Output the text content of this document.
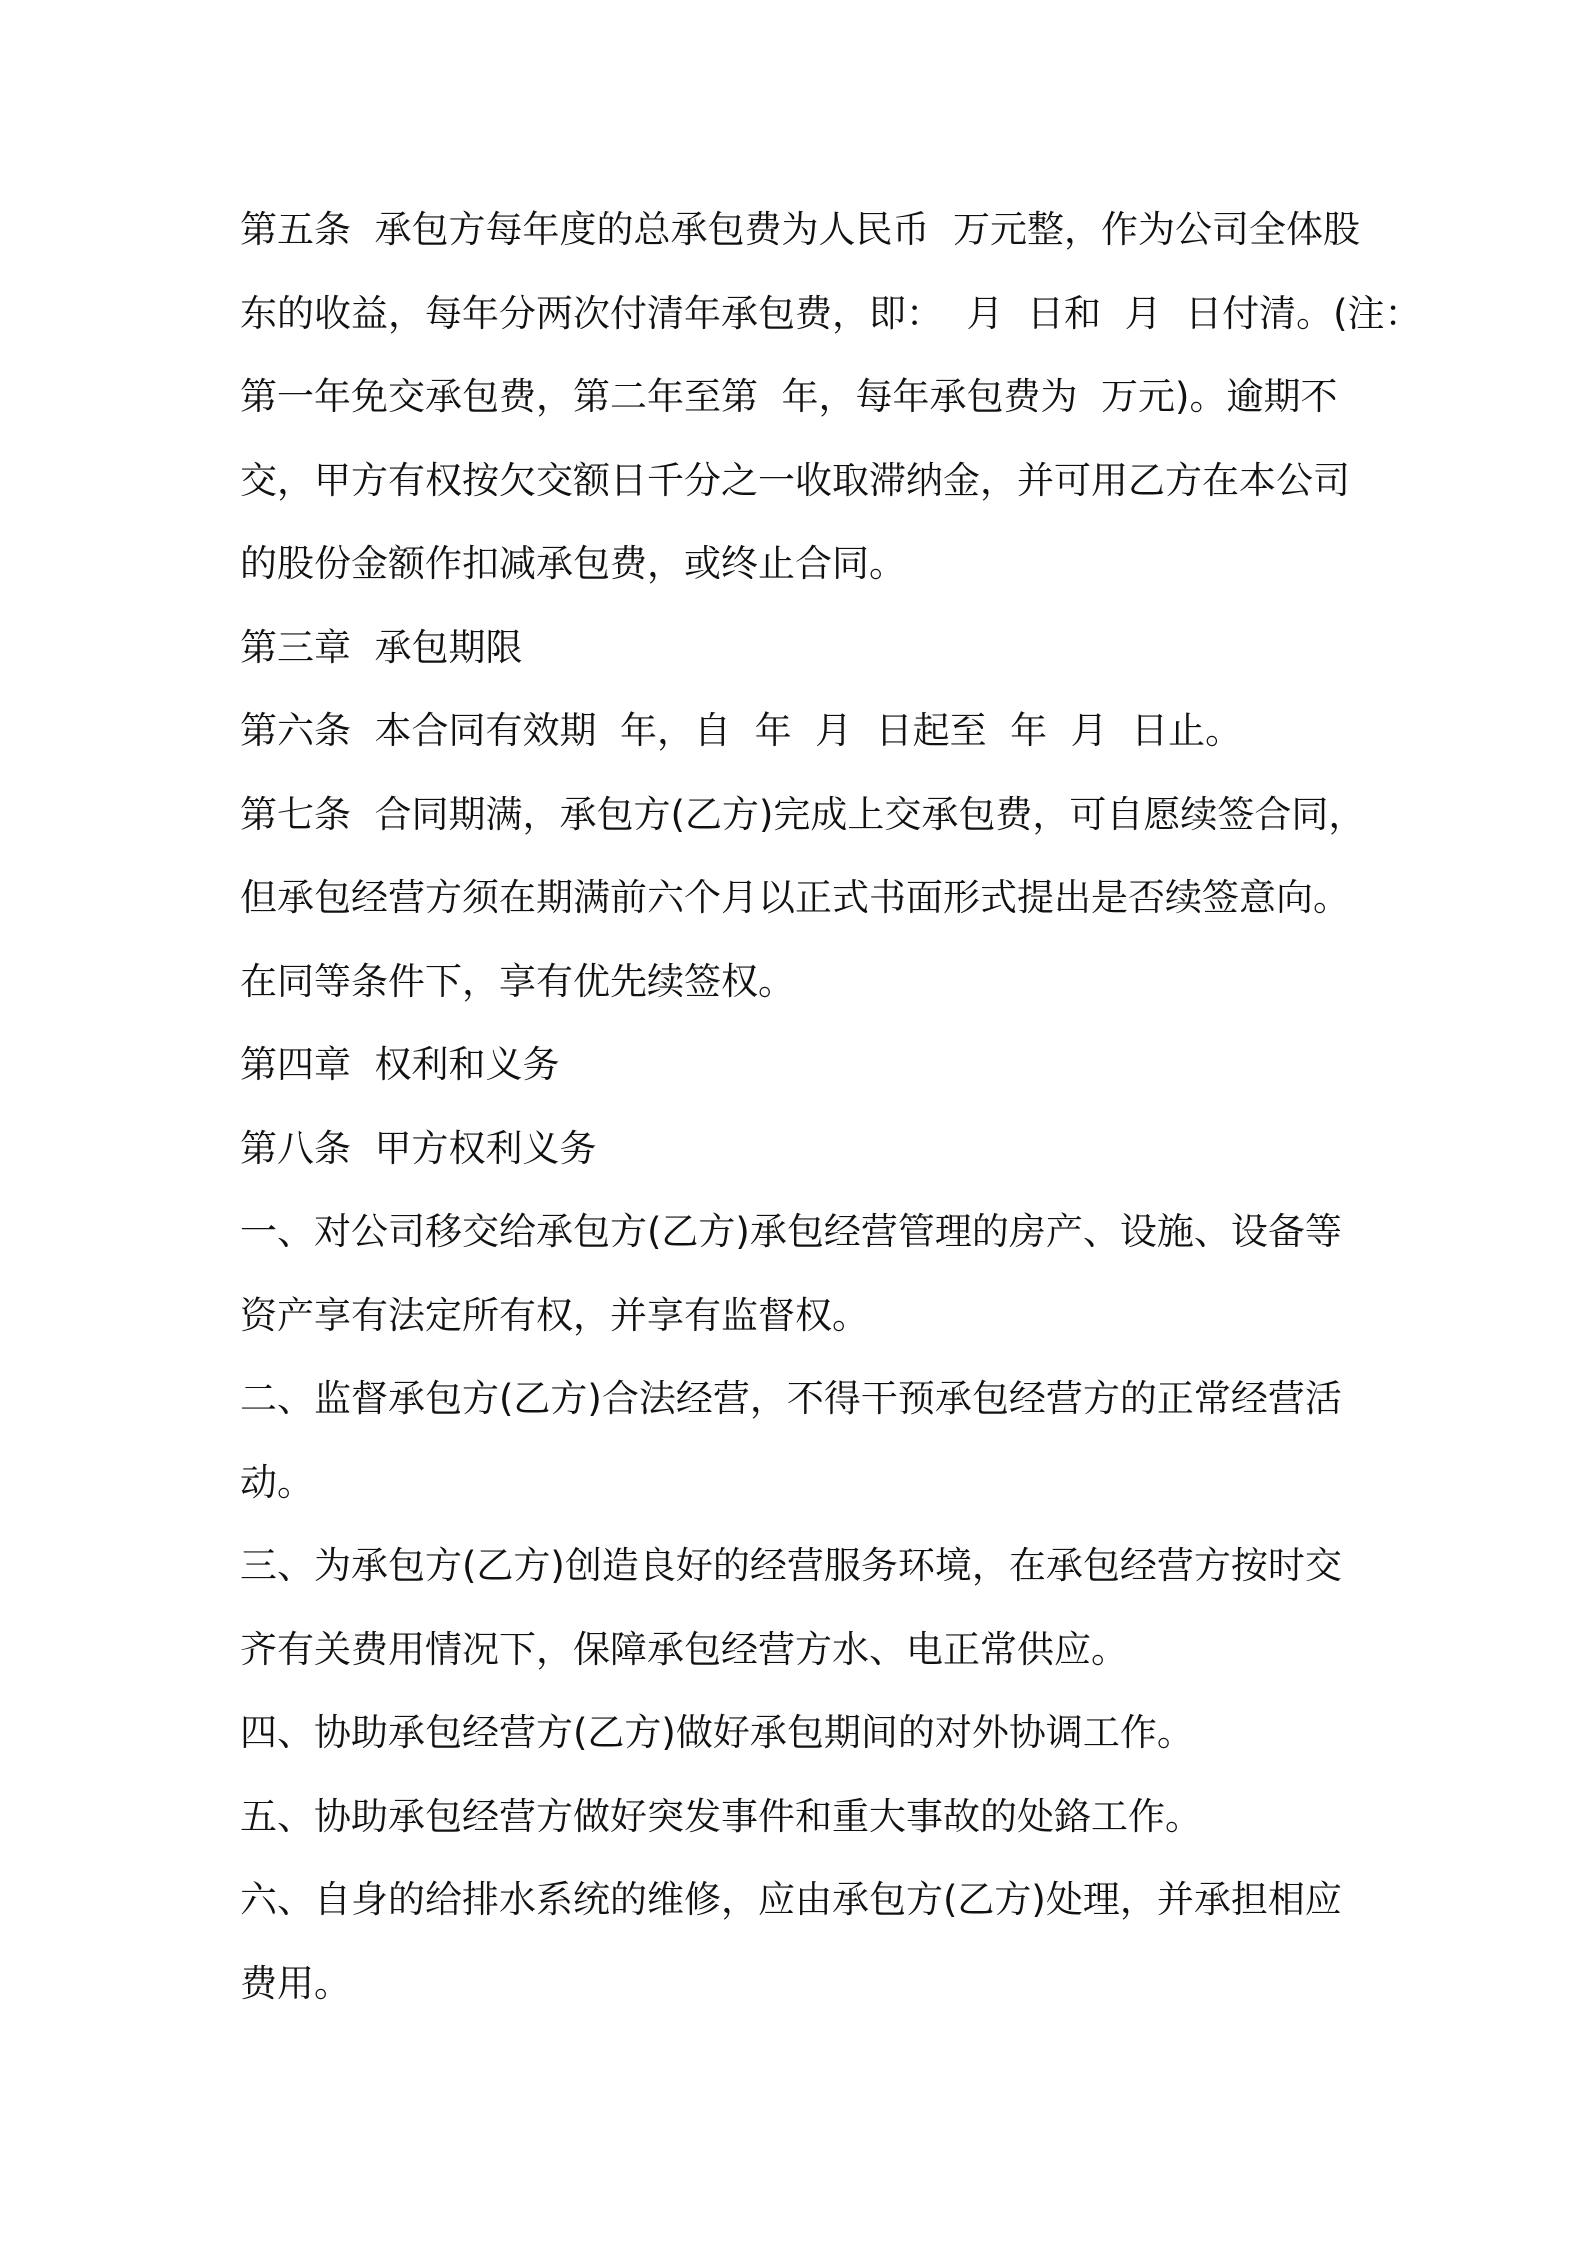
第五条  承包方每年度的总承包费为人民币  万元整，作为公司全体股
东的收益，每年分两次付清年承包费，即：  月  日和  月  日付清。(注：
第一年免交承包费，第二年至第  年，每年承包费为  万元)。逾期不
交，甲方有权按欠交额日千分之一收取滞纳金，并可用乙方在本公司
的股份金额作扣减承包费，或终止合同。
第三章  承包期限
第六条  本合同有效期  年，自  年  月  日起至  年  月  日止。
第七条  合同期满，承包方(乙方)完成上交承包费，可自愿续签合同，
但承包经营方须在期满前六个月以正式书面形式提出是否续签意向。
在同等条件下，享有优先续签权。
第四章  权利和义务
第八条  甲方权利义务
一、对公司移交给承包方(乙方)承包经营管理的房产、设施、设备等
资产享有法定所有权，并享有监督权。
二、监督承包方(乙方)合法经营，不得干预承包经营方的正常经营活
动。
三、为承包方(乙方)创造良好的经营服务环境，在承包经营方按时交
齐有关费用情况下，保障承包经营方水、电正常供应。
四、协助承包经营方(乙方)做好承包期间的对外协调工作。
五、协助承包经营方做好突发事件和重大事故的处鉻工作。
六、自身的给排水系统的维修，应由承包方(乙方)处理，并承担相应
费用。
